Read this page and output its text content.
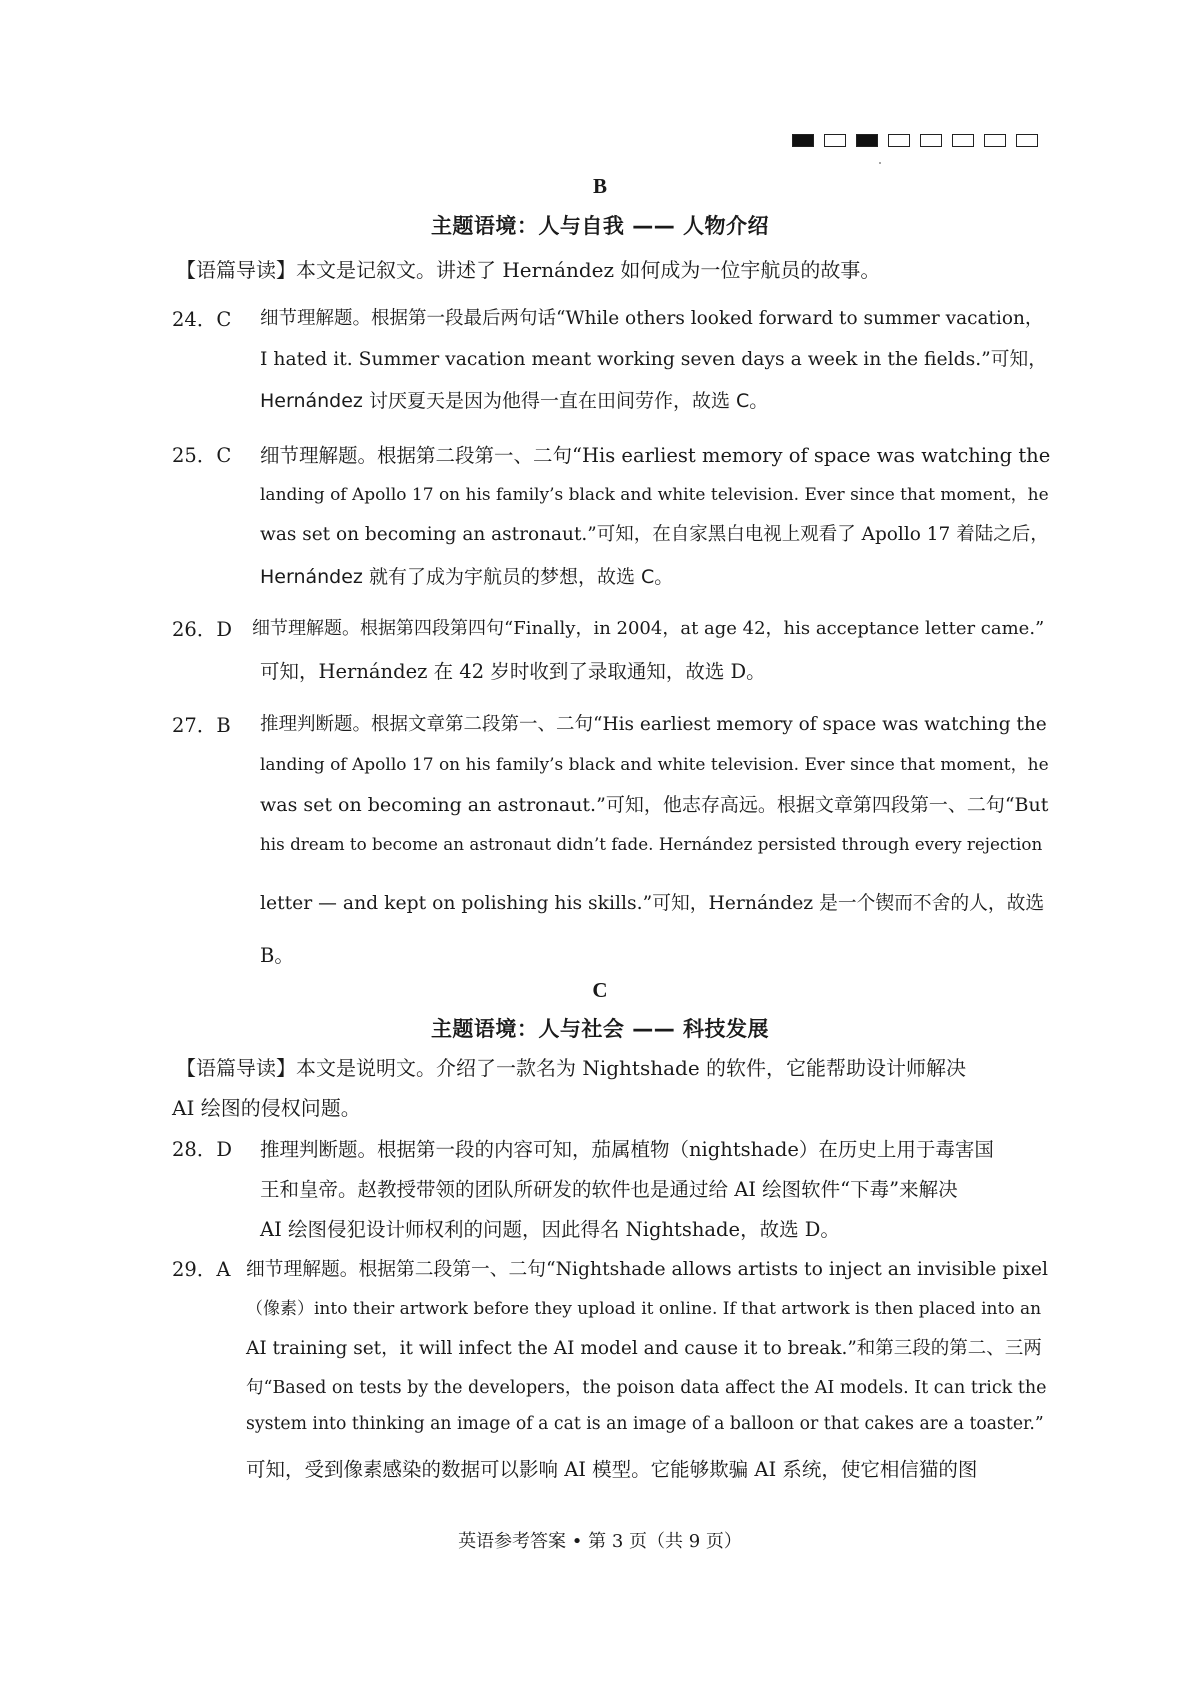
B
主题语境：人与自我 —— 人物介绍
【语篇导读】本文是记叙文。讲述了 Hernández 如何成为一位宇航员的故事。
24．C 细节理解题。根据第一段最后两句话“While others looked forward to summer vacation，
I hated it. Summer vacation meant working seven days a week in the fields.”可知，
Hernández 讨厌夏天是因为他得一直在田间劳作，故选 C。
25．C 细节理解题。根据第二段第一、二句“His earliest memory of space was watching the
landing of Apollo 17 on his family’s black and white television. Ever since that moment，he
was set on becoming an astronaut.”可知，在自家黑白电视上观看了 Apollo 17 着陆之后，
Hernández 就有了成为宇航员的梦想，故选 C。
26．D 细节理解题。根据第四段第四句“Finally，in 2004，at age 42，his acceptance letter came.”
可知，Hernández 在 42 岁时收到了录取通知，故选 D。
27．B 推理判断题。根据文章第二段第一、二句“His earliest memory of space was watching the
landing of Apollo 17 on his family’s black and white television. Ever since that moment，he
was set on becoming an astronaut.”可知，他志存高远。根据文章第四段第一、二句“But
his dream to become an astronaut didn’t fade. Hernández persisted through every rejection
letter — and kept on polishing his skills.”可知，Hernández 是一个锲而不舍的人，故选
B。
C
主题语境：人与社会 —— 科技发展
【语篇导读】本文是说明文。介绍了一款名为 Nightshade 的软件，它能帮助设计师解决
AI 绘图的侵权问题。
28．D 推理判断题。根据第一段的内容可知，茄属植物（nightshade）在历史上用于毒害国
王和皇帝。赵教授带领的团队所研发的软件也是通过给 AI 绘图软件“下毒”来解决
AI 绘图侵犯设计师权利的问题，因此得名 Nightshade，故选 D。
29．A 细节理解题。根据第二段第一、二句“Nightshade allows artists to inject an invisible pixel
（像素）into their artwork before they upload it online. If that artwork is then placed into an
AI training set，it will infect the AI model and cause it to break.”和第三段的第二、三两
句“Based on tests by the developers，the poison data affect the AI models. It can trick the
system into thinking an image of a cat is an image of a balloon or that cakes are a toaster.”
可知，受到像素感染的数据可以影响 AI 模型。它能够欺骗 AI 系统，使它相信猫的图
英语参考答案 • 第 3 页（共 9 页）
